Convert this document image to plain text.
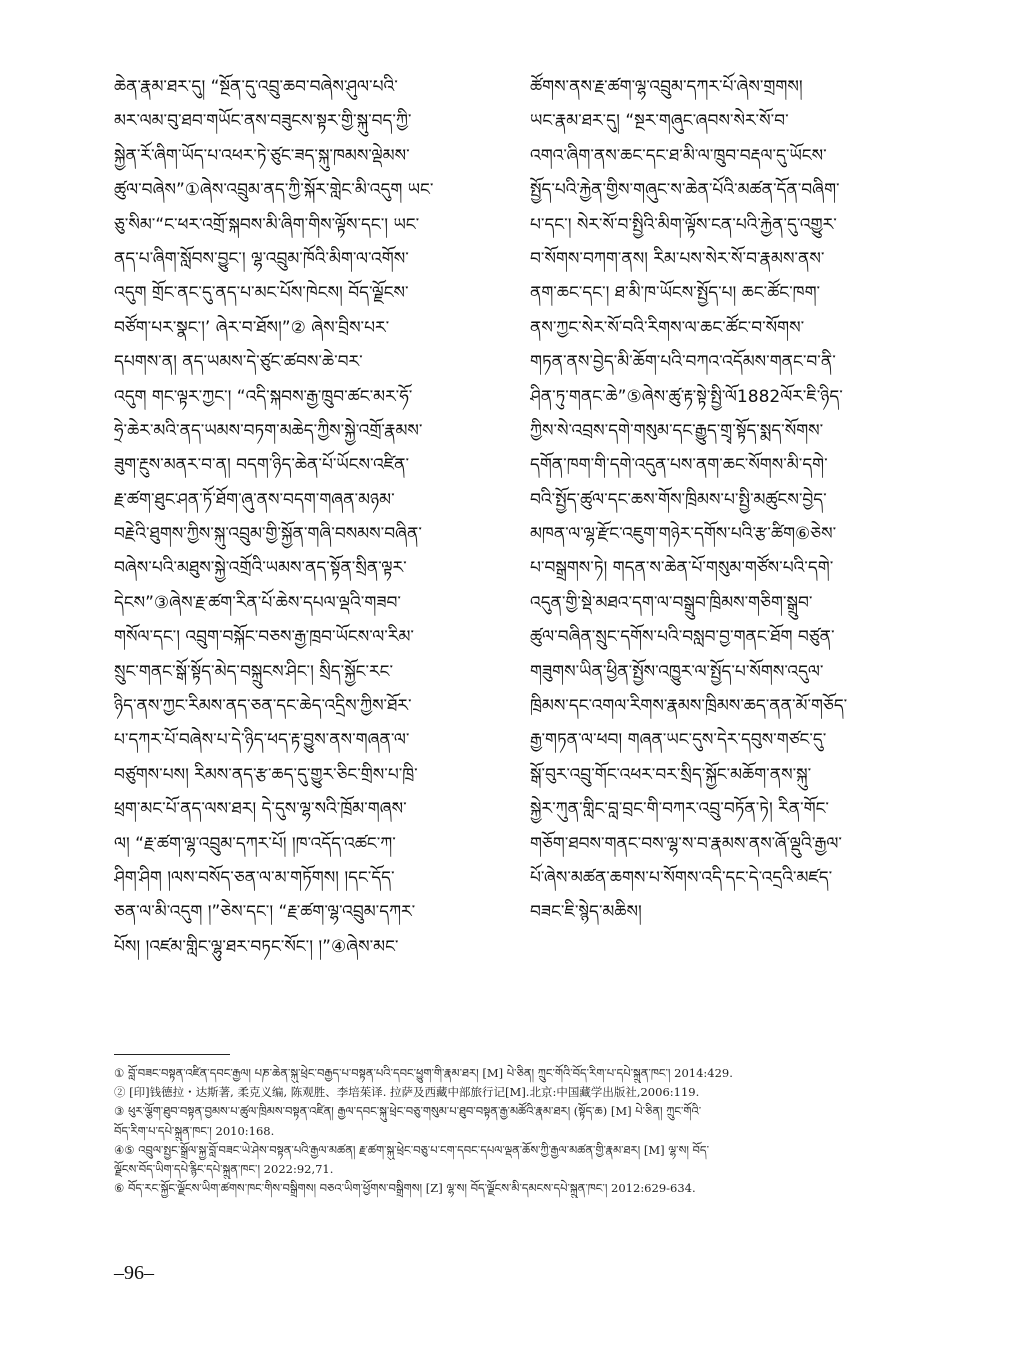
ཆེན་རྣམ་ཐར་དུ། “སྔོན་དུ་འབྲུ་ཆབ་བཞེས་ཤུལ་པའི་
མར་ལམ་བུ་ཐབ་གཡོང་ནས་བཟུངས་སྟར་གྱི་སྐུ་བད་ཀྱི་
སྐྱེན་རོ་ཞིག་ཡོད་པ་འཕར་ཏེ་ཙུང་ཟད་སྐུ་ཁམས་ལྡེམས་
ཚུལ་བཞེས”①ཞེས་འབྲུམ་ནད་ཀྱི་སྐོར་གླེང་མི་འདུག ཡང་
ཅུ་སིམ་“ང་ཕར་འགྲོ་སྐབས་མི་ཞིག་གིས་ལྟོས་དང་། ཡང་
ནད་པ་ཞིག་སློབས་བྱུང་། ལྷ་འབྲུམ་ཁོའི་མིག་ལ་འགོས་
འདུག གྲོང་ནང་དུ་ནད་པ་མང་པོས་ཁེངས། བོད་ལྗོངས་
བཙོག་པར་སྣང་།’ ཞེར་བ་ཐོས།”② ཞེས་བྲིས་པར་
དཔགས་ན། ནད་ཡམས་དེ་ཙུང་ཚབས་ཆེ་བར་
འདུག གང་ལྟར་ཀྱང་། “འདི་སྐབས་རྒྱ་ཁྲུབ་ཚང་མར་ཧོ་
ཧྲེ་ཆེར་མའི་ནད་ཡམས་བཏག་མཆེད་ཀྱིས་སྐྱེ་འགྲོ་རྣམས་
ཟུག་རྔུས་མནར་བ་ན། བདག་ཉིད་ཆེན་པོ་ཡོངས་འཛིན་
རྗ་ཚག་ཐུང་ཤན་ཏོ་ཐོག་ཞུ་ནས་བདག་གཞན་མཉམ་
བརྗེའི་ཐུགས་ཀྱིས་སྐུ་འབྲུམ་གྱི་སྐྱོན་གཞི་བསམས་བཞིན་
བཞེས་པའི་མཐུས་སྐྱེ་འགྲོའི་ཡམས་ནད་སྟོན་སྲིན་ལྟར་
དེངས”③ཞེས་རྗ་ཚག་རིན་པོ་ཆེས་དཔལ་ལྡའི་གཟབ་
གསོལ་དང་། འབྲུག་བསྐོང་བཅས་རྒྱ་ཁྲབ་ཡོངས་ལ་རིམ་
སྲུང་གནང་སྒོ་སྟོད་མེད་བསྐྲུངས་ཤིང་། སྲིད་སྐྱོང་རང་
ཉིད་ནས་ཀྱང་རིམས་ནད་ཅན་དང་ཆེད་འདྲིས་ཀྱིས་ཐོར་
པ་དཀར་པོ་བཞེས་པ་དེ་ཉིད་ཕད་རྟ་བྱུས་ནས་གཞན་ལ་
བཙུགས་པས། རིམས་ནད་རྩ་ཆད་དུ་གྱུར་ཅིང་གྲིས་པ་ཁྲི་
ཕྲག་མང་པོ་ནད་ལས་ཐར། དེ་དུས་ལྷ་སའི་ཁྲོམ་གཞས་
ལ། “རྗ་ཚག་ལྷ་འབྲུམ་དཀར་པོ། །ཁ་འདོད་འཚང་ཀ་
ཤིག་ཤིག །ལས་བསོད་ཅན་ལ་མ་གཏོགས། །དང་དོད་
ཅན་ལ་མི་འདུག །”ཅེས་དང་། “རྗ་ཚག་ལྷ་འབྲུམ་དཀར་
པོས། །འཛམ་གླིང་ལྷུ་ཐར་བཏང་སོང་། །”④ཞེས་མང་
ཚོགས་ནས་རྗ་ཚག་ལྷ་འབྲུམ་དཀར་པོ་ཞེས་གྲགས།
ཡང་རྣམ་ཐར་དུ། “སྔར་གཞུང་ཞབས་སེར་སོ་བ་
འགའ་ཞིག་ནས་ཆང་དང་ཐ་མི་ལ་ཁྲུབ་བརྡལ་དུ་ཡོངས་
སྤྱོད་པའི་རྐྱེན་གྱིས་གཞུང་ས་ཆེན་པོའི་མཚན་དོན་བཞིག་
པ་དང་། སེར་སོ་བ་སྤྱིའི་མིག་ལྟོས་ངན་པའི་རྐྱེན་དུ་འགྱུར་
བ་སོགས་བཀག་ནས། རིམ་པས་སེར་སོ་བ་རྣམས་ནས་
ནག་ཆང་དང་། ཐ་མི་ཁ་ཡོངས་སྤྱོད་པ། ཆང་ཚོང་ཁག་
ནས་ཀྱང་སེར་སོ་བའི་རིགས་ལ་ཆང་ཚོང་བ་སོགས་
གཏན་ནས་བྱེད་མི་ཆོག་པའི་བཀའ་འདོམས་གནང་བ་ནི་
ཤིན་ཏུ་གནང་ཆེ”⑤ཞེས་ཚུ་རྟ་སྟེ་སྤྱི་ལོ1882ལོར་ཇི་ཉིད་
ཀྱིས་སེ་འབྲས་དགེ་གསུམ་དང་རྒྱུད་གྲྭ་སྟོད་སྨད་སོགས་
དགོན་ཁག་གི་དགེ་འདུན་པས་ནག་ཆང་སོགས་མི་དགེ་
བའི་སྤྱོད་ཚུལ་དང་ཆས་གོས་ཁྲིམས་པ་སྤྱི་མཚུངས་བྱེད་
མཁན་ལ་ལྷ་རྫོང་འཇུག་གཉེར་དགོས་པའི་རྩ་ཚིག⑥ཅེས་
པ་བསྒྲགས་ཏེ། གདན་ས་ཆེན་པོ་གསུམ་གཙོས་པའི་དགེ་
འདུན་གྱི་སྡེ་མཐའ་དག་ལ་བསྒྲུབ་ཁྲིམས་གཅིག་སྒྲུབ་
ཚུལ་བཞིན་སྲུང་དགོས་པའི་བསླབ་བྱ་གནང་ཐོག བཙུན་
གཟུགས་ཡིན་ཕྱིན་སྤྱོས་འཁྱུར་ལ་སྤྱོད་པ་སོགས་འདུལ་
ཁྲིམས་དང་འགལ་རིགས་རྣམས་ཁྲིམས་ཆད་ནན་མོ་གཅོད་
རྒྱ་གཏན་ལ་ཕབ། གཞན་ཡང་དུས་དེར་དབུས་གཙང་དུ་
སྒོ་བུར་འབྲུ་གོང་འཕར་བར་སྲིད་སྐྱོང་མཆོག་ནས་སྐུ་
སྐྱེར་ཀུན་གླིང་བླ་བྲང་གི་བཀར་འབྲུ་བཏོན་ཏེ། རིན་གོང་
གཅོག་ཐབས་གནང་བས་ལྷ་ས་བ་རྣམས་ནས་ཞོ་ལྡུའི་རྒྱལ་
པོ་ཞེས་མཚན་ཆགས་པ་སོགས་འདི་དང་དེ་འདྲའི་མཛད་
བཟང་ཇི་སྙེད་མཆིས།
① བློ་བཟང་བསྟན་འཛིན་དབང་རྒྱལ། པཎ་ཆེན་སྐུ་ཕྲེང་བརྒྱད་པ་བསྟན་པའི་དབང་ཕྱུག་གི་རྣམ་ཐར། [M] པེ་ཅིན། ཀྲུང་གོའི་བོད་རིག་པ་དཔེ་སྐྲུན་ཁང་། 2014:429.
② [印]钱德拉・达斯著, 柔克义编, 陈观胜、李培茱译. 拉萨及西藏中部旅行记[M].北京:中国藏学出版社,2006:119.
③ ཕུར་ལྕོག་ཐུབ་བསྟན་བྱམས་པ་ཚུལ་ཁྲིམས་བསྟན་འཛིན། རྒྱལ་དབང་སྐུ་ཕྲེང་བཅུ་གསུམ་པ་ཐུབ་བསྟན་རྒྱ་མཚོའི་རྣམ་ཐར། (སྟོད་ཆ) [M] པེ་ཅིན། ཀྲུང་གོའི་
བོད་རིག་པ་དཔེ་སྐྲུན་ཁང་། 2010:168.
④⑤ འབྲུལ་སྤྱང་སྒྲོལ་སྐྱ་བློ་བཟང་ཡེ་ཤེས་བསྟན་པའི་རྒྱལ་མཚན། རྗ་ཚག་སྐུ་ཕྲེང་བཅུ་པ་ངག་དབང་དཔལ་ལྡན་ཆོས་ཀྱི་རྒྱལ་མཚན་གྱི་རྣམ་ཐར། [M] ལྷ་ས། བོད་
ལྗོངས་བོད་ཡིག་དཔེ་རྙིང་དཔེ་སྐྲུན་ཁང་། 2022:92,71.
⑥ བོད་རང་སྐྱོང་ལྗོངས་ཡིག་ཚགས་ཁང་གིས་བསྒྲིགས། བཅའ་ཡིག་ཕྱོགས་བསྒྲིགས། [Z] ལྷ་ས། བོད་ལྗོངས་མི་དམངས་དཔེ་སྐྲུན་ཁང་། 2012:629-634.
–96–
